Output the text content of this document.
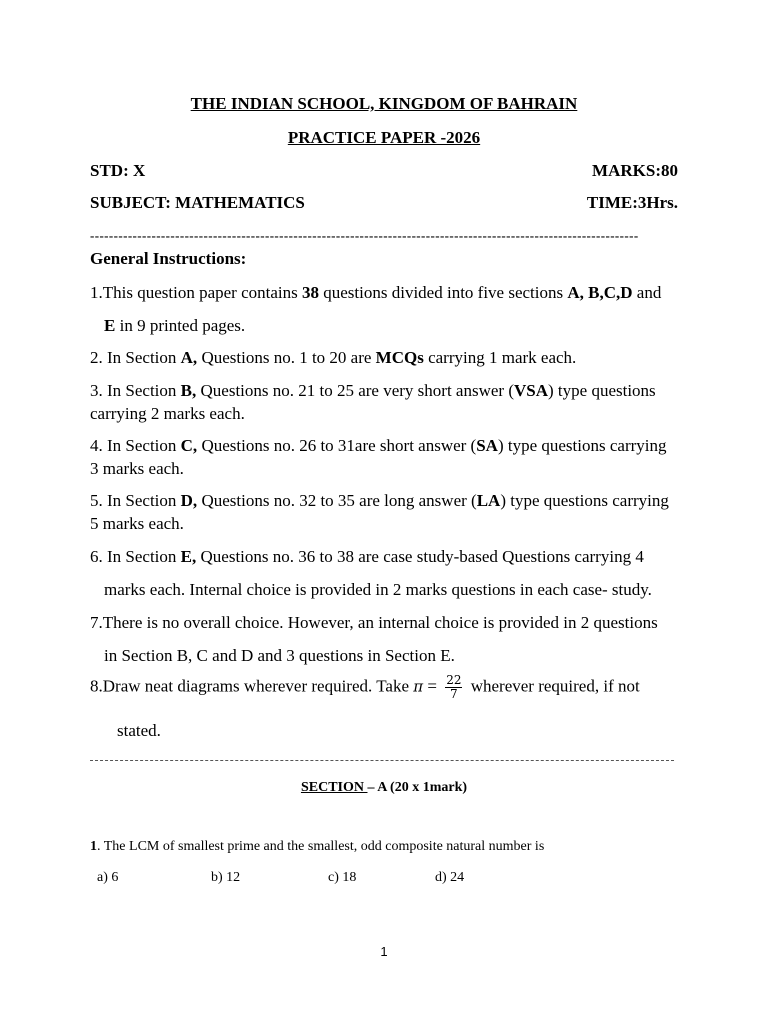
THE INDIAN SCHOOL, KINGDOM OF BAHRAIN
PRACTICE PAPER -2026
STD: X	MARKS:80
SUBJECT: MATHEMATICS	TIME:3Hrs.
--------------------------------------------------------------------------------------------------------------------
General Instructions:
1.This question paper contains 38 questions divided into five sections A, B,C,D and
E in 9 printed pages.
2. In Section A, Questions no. 1 to 20 are MCQs carrying 1 mark each.
3. In Section B, Questions no. 21 to 25 are very short answer (VSA) type questions
carrying 2 marks each.
4. In Section C, Questions no. 26 to 31are short answer (SA) type questions carrying
3 marks each.
5. In Section D, Questions no. 32 to 35 are long answer (LA) type questions carrying
5 marks each.
6. In Section E, Questions no. 36 to 38 are case study-based Questions carrying 4
marks each. Internal choice is provided in 2 marks questions in each case- study.
7.There is no overall choice. However, an internal choice is provided in 2 questions
in Section B, C and D and 3 questions in Section E.
8.Draw neat diagrams wherever required. Take $\pi = \frac{22}{7}$ wherever required, if not
stated.
SECTION – A (20 x 1mark)
1. The LCM of smallest prime and the smallest, odd composite natural number is
a) 6	b) 12	c) 18	d) 24
1
